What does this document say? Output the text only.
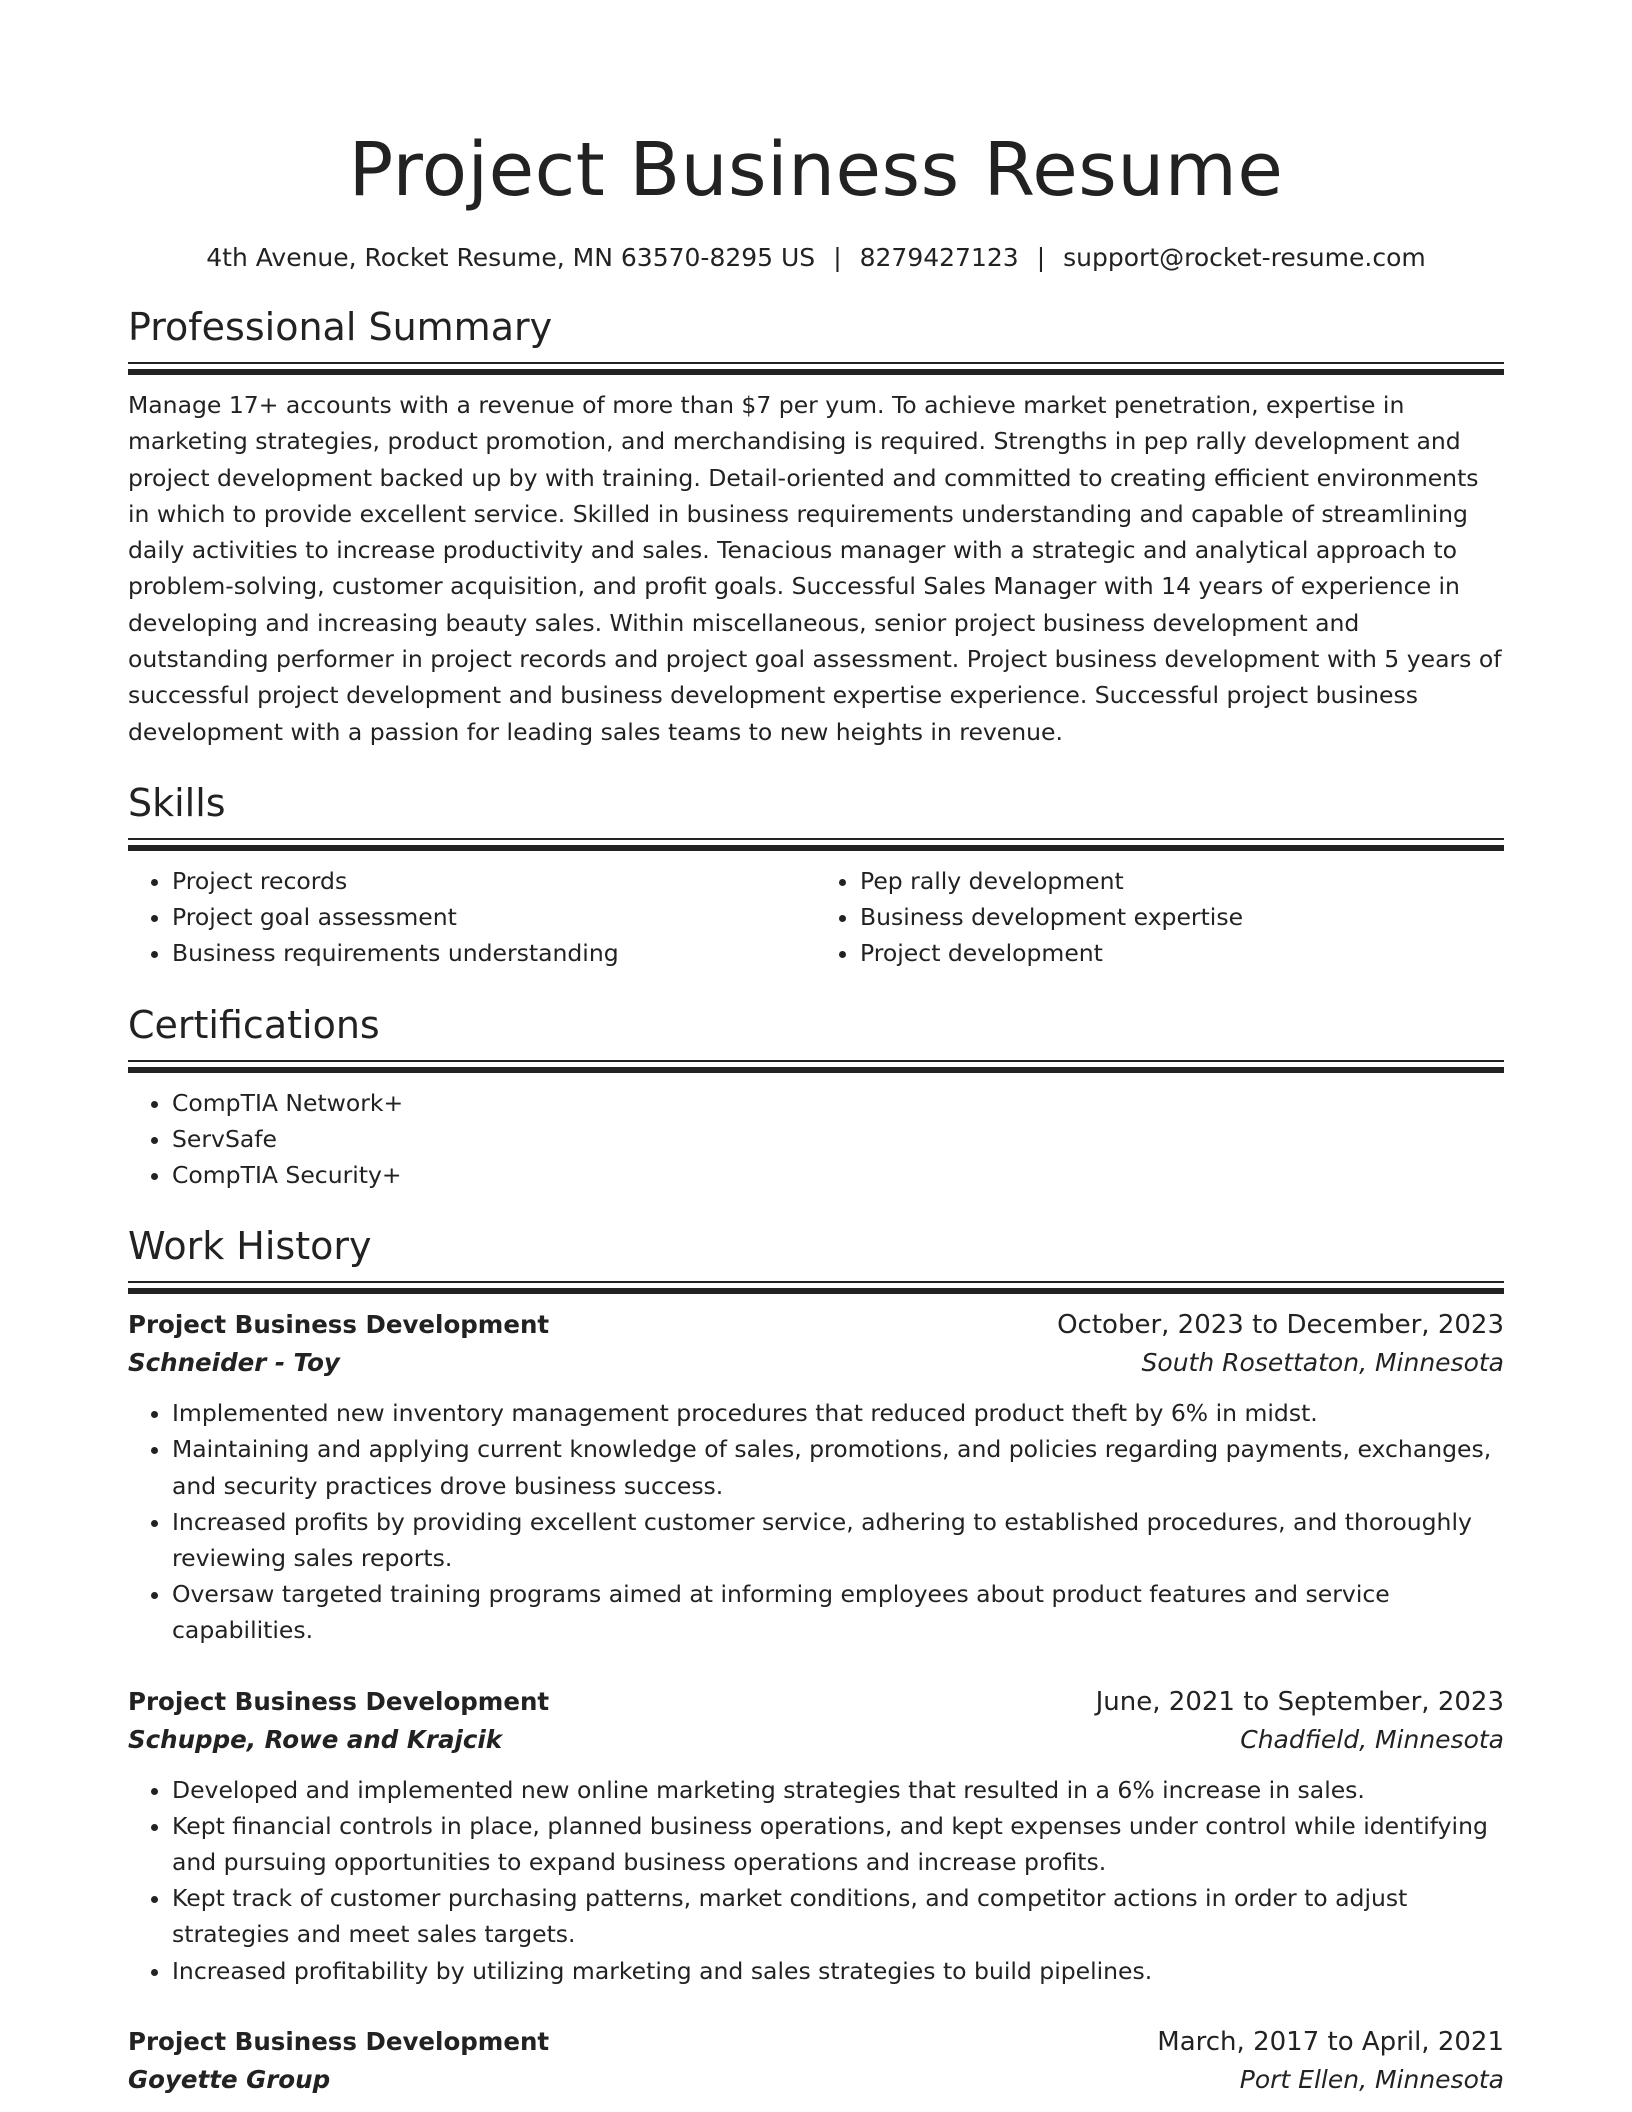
Project Business Resume
4th Avenue, Rocket Resume, MN 63570-8295 US | 8279427123 | support@rocket-resume.com
Professional Summary

Manage 17+ accounts with a revenue of more than $7 per yum. To achieve market penetration, expertise in marketing strategies, product promotion, and merchandising is required. Strengths in pep rally development and project development backed up by with training. Detail-oriented and committed to creating efficient environments in which to provide excellent service. Skilled in business requirements understanding and capable of streamlining daily activities to increase productivity and sales. Tenacious manager with a strategic and analytical approach to problem-solving, customer acquisition, and profit goals. Successful Sales Manager with 14 years of experience in developing and increasing beauty sales. Within miscellaneous, senior project business development and outstanding performer in project records and project goal assessment. Project business development with 5 years of successful project development and business development expertise experience. Successful project business development with a passion for leading sales teams to new heights in revenue.

Skills
• Project records
• Project goal assessment
• Business requirements understanding
• Pep rally development
• Business development expertise
• Project development
Certifications
• CompTIA Network+
• ServSafe
• CompTIA Security+
Work History
Project Business Development	October, 2023 to December, 2023
Schneider - Toy	South Rosettaton, Minnesota
• Implemented new inventory management procedures that reduced product theft by 6% in midst.
• Maintaining and applying current knowledge of sales, promotions, and policies regarding payments, exchanges, and security practices drove business success.
• Increased profits by providing excellent customer service, adhering to established procedures, and thoroughly reviewing sales reports.
• Oversaw targeted training programs aimed at informing employees about product features and service capabilities.
Project Business Development	June, 2021 to September, 2023
Schuppe, Rowe and Krajcik	Chadfield, Minnesota
• Developed and implemented new online marketing strategies that resulted in a 6% increase in sales.
• Kept financial controls in place, planned business operations, and kept expenses under control while identifying and pursuing opportunities to expand business operations and increase profits.
• Kept track of customer purchasing patterns, market conditions, and competitor actions in order to adjust strategies and meet sales targets.
• Increased profitability by utilizing marketing and sales strategies to build pipelines.
Project Business Development	March, 2017 to April, 2021
Goyette Group	Port Ellen, Minnesota
